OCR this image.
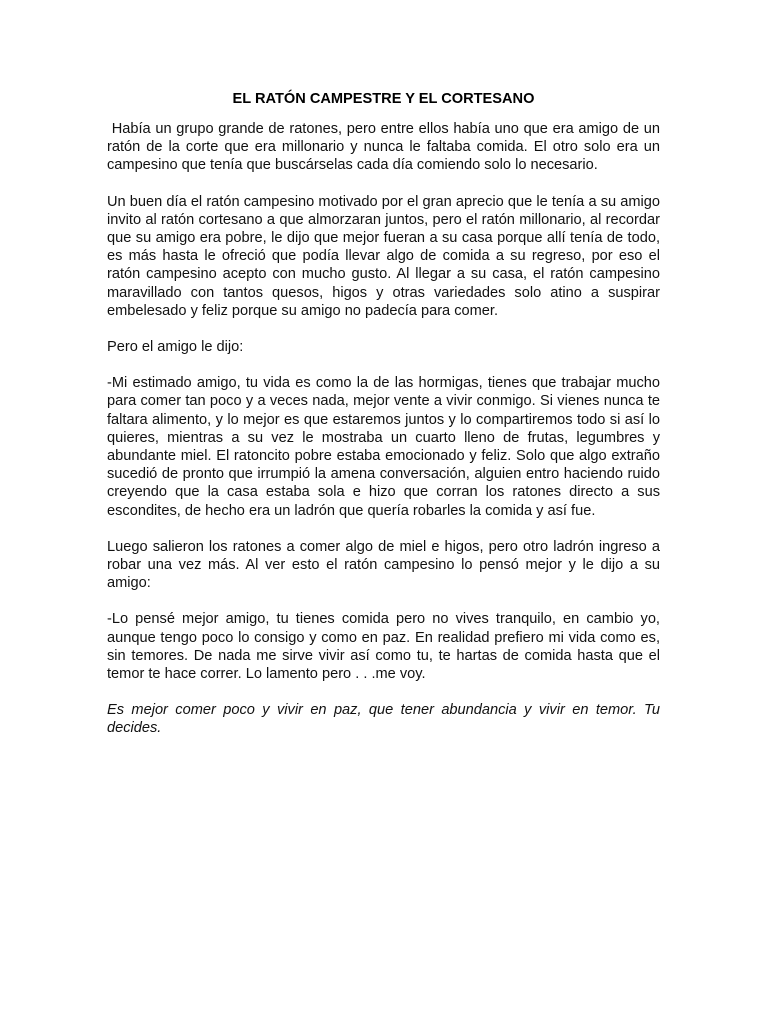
EL RATÓN CAMPESTRE Y EL CORTESANO

Había un grupo grande de ratones, pero entre ellos había uno que era amigo de un ratón de la corte que era millonario y nunca le faltaba comida. El otro solo era un campesino que tenía que buscárselas cada día comiendo solo lo necesario.

Un buen día el ratón campesino motivado por el gran aprecio que le tenía a su amigo invito al ratón cortesano a que almorzaran juntos, pero el ratón millonario, al recordar que su amigo era pobre, le dijo que mejor fueran a su casa porque allí tenía de todo, es más hasta le ofreció que podía llevar algo de comida a su regreso, por eso el ratón campesino acepto con mucho gusto. Al llegar a su casa, el ratón campesino maravillado con tantos quesos, higos y otras variedades solo atino a suspirar embelesado y feliz porque su amigo no padecía para comer.

Pero el amigo le dijo:

-Mi estimado amigo, tu vida es como la de las hormigas, tienes que trabajar mucho para comer tan poco y a veces nada, mejor vente a vivir conmigo. Si vienes nunca te faltara alimento, y lo mejor es que estaremos juntos y lo compartiremos todo si así lo quieres, mientras a su vez le mostraba un cuarto lleno de frutas, legumbres y abundante miel. El ratoncito pobre estaba emocionado y feliz. Solo que algo extraño sucedió de pronto que irrumpió la amena conversación, alguien entro haciendo ruido creyendo que la casa estaba sola e hizo que corran los ratones directo a sus escondites, de hecho era un ladrón que quería robarles la comida y así fue.

Luego salieron los ratones a comer algo de miel e higos, pero otro ladrón ingreso a robar una vez más. Al ver esto el ratón campesino lo pensó mejor y le dijo a su amigo:

-Lo pensé mejor amigo, tu tienes comida pero no vives tranquilo, en cambio yo, aunque tengo poco lo consigo y como en paz. En realidad prefiero mi vida como es, sin temores. De nada me sirve vivir así como tu, te hartas de comida hasta que el temor te hace correr. Lo lamento pero . . .me voy.

Es mejor comer poco y vivir en paz, que tener abundancia y vivir en temor. Tu decides.
